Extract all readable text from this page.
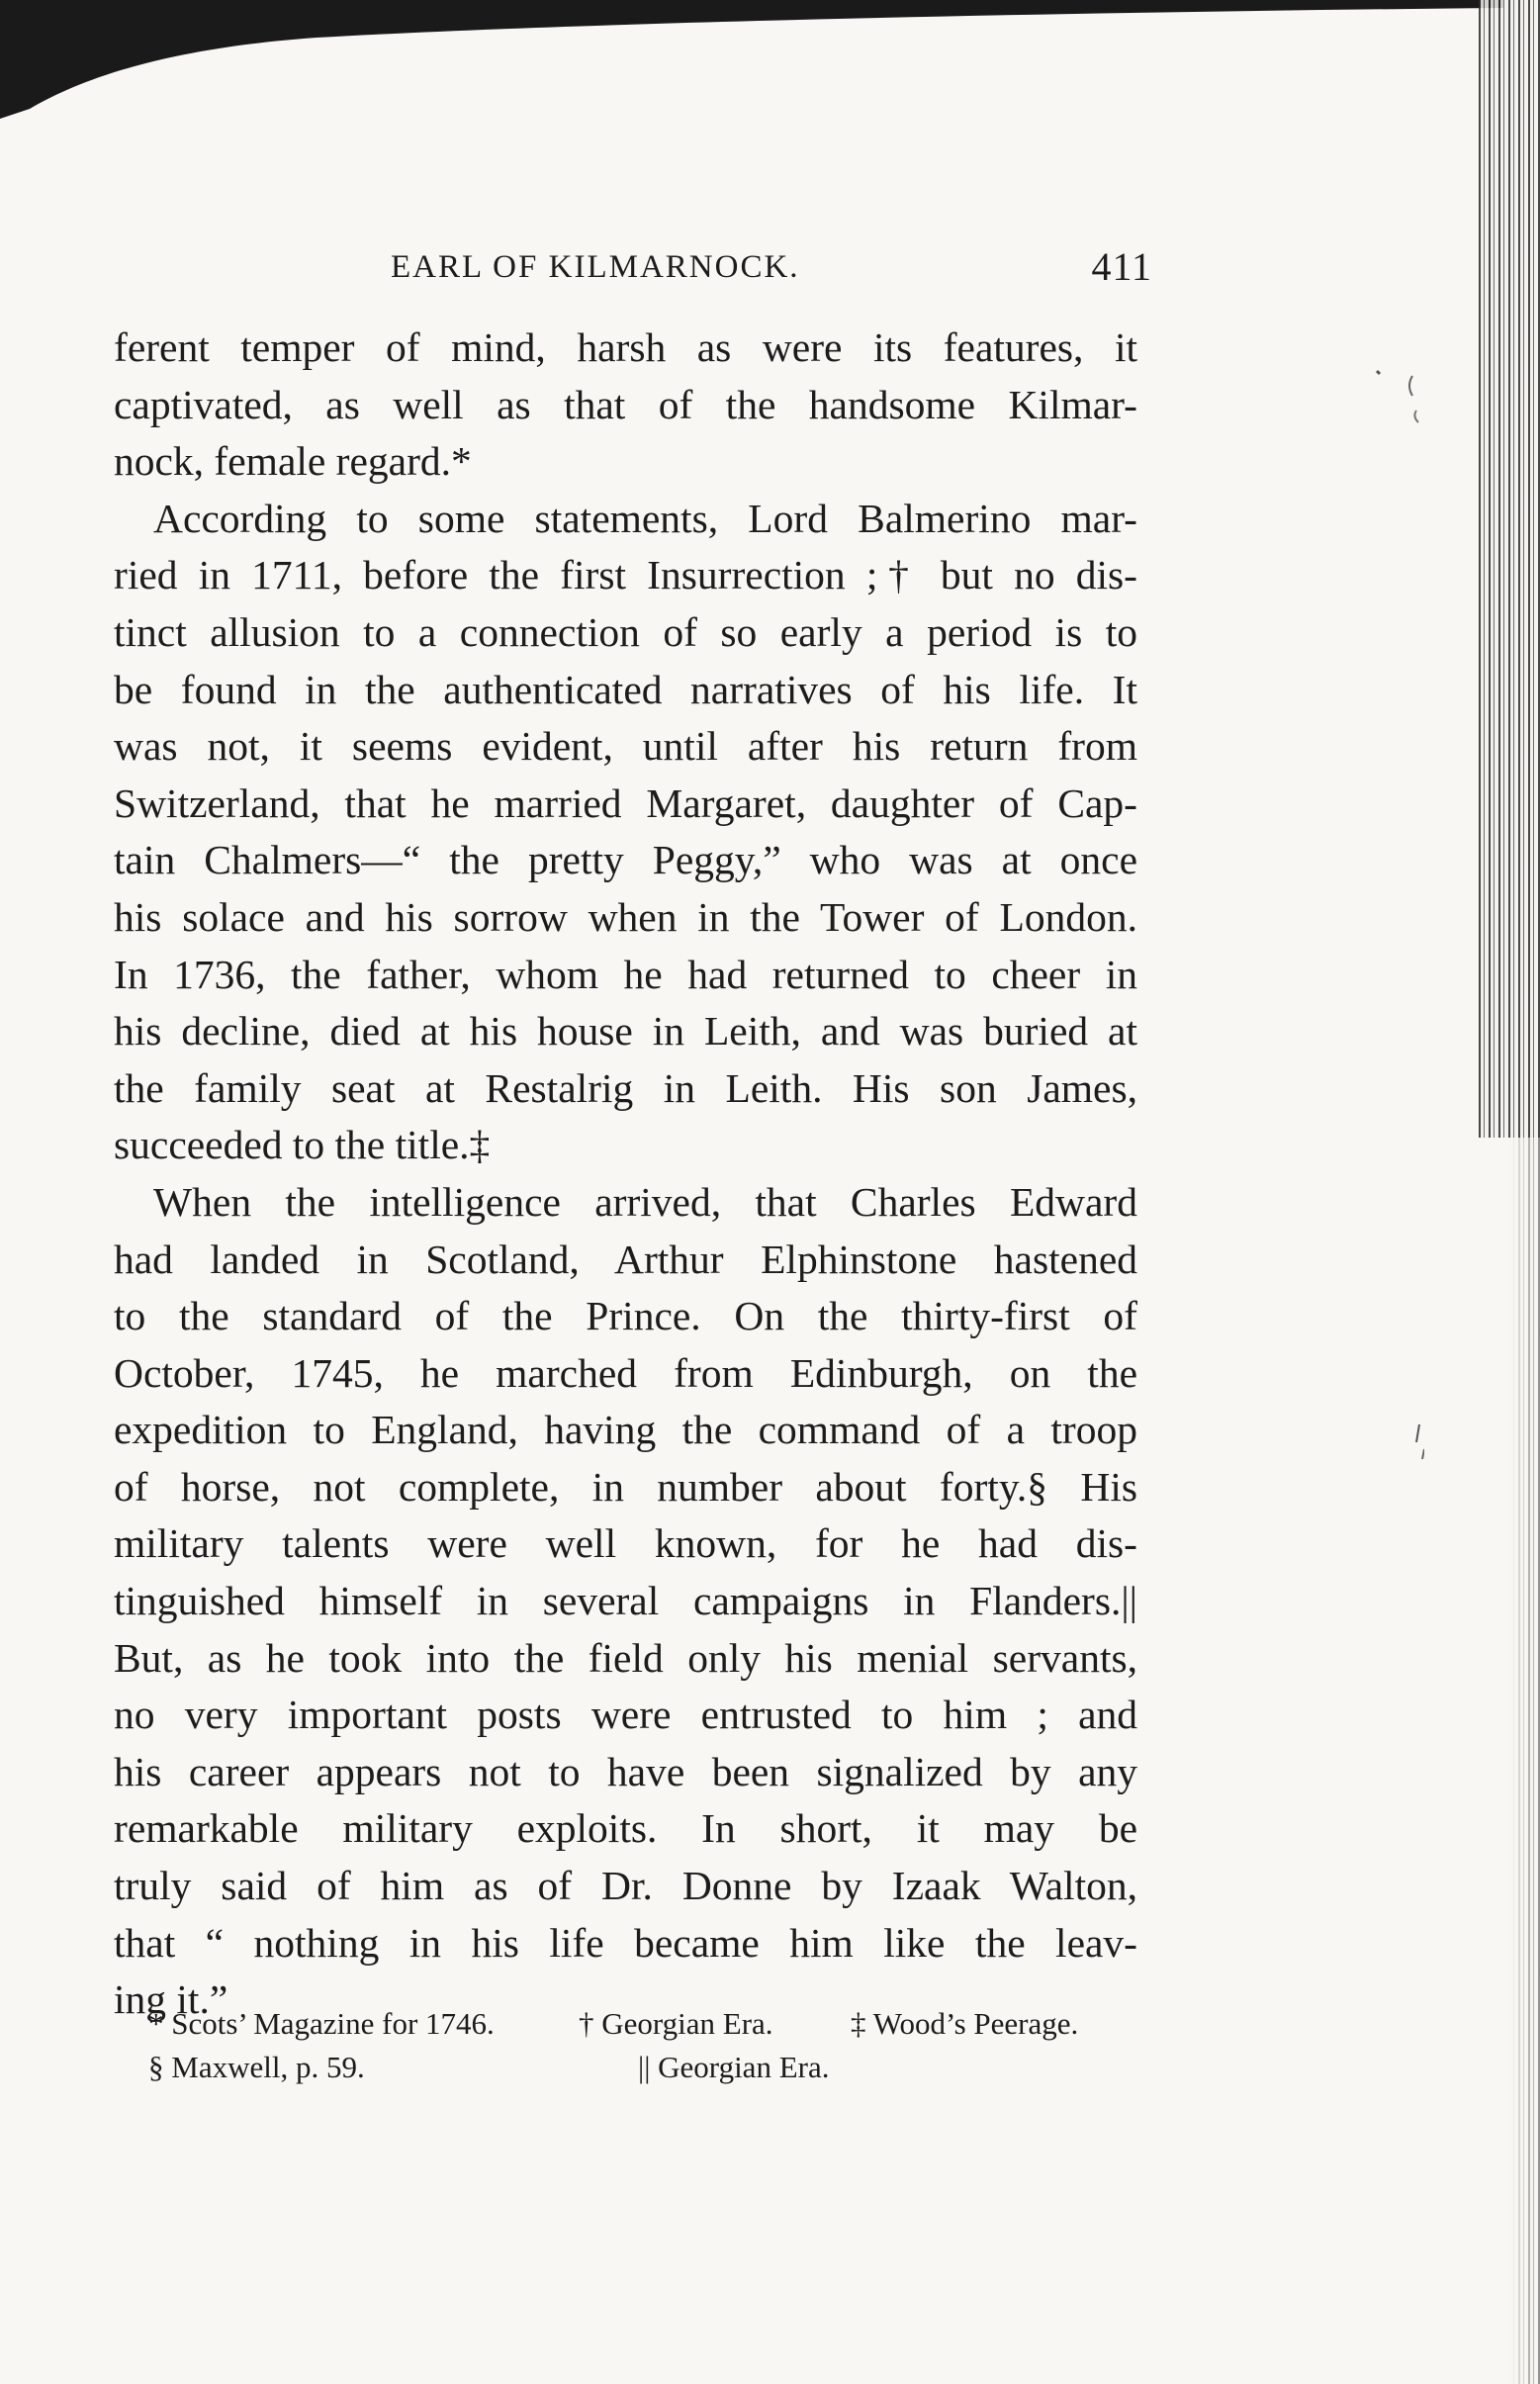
EARL OF KILMARNOCK.	411
ferent temper of mind, harsh as were its features, it
captivated, as well as that of the handsome Kilmar-
nock, female regard.*
According to some statements, Lord Balmerino mar-
ried in 1711, before the first Insurrection ;† but no dis-
tinct allusion to a connection of so early a period is to
be found in the authenticated narratives of his life. It
was not, it seems evident, until after his return from
Switzerland, that he married Margaret, daughter of Cap-
tain Chalmers—“ the pretty Peggy,” who was at once
his solace and his sorrow when in the Tower of London.
In 1736, the father, whom he had returned to cheer in
his decline, died at his house in Leith, and was buried at
the family seat at Restalrig in Leith. His son James,
succeeded to the title.‡
When the intelligence arrived, that Charles Edward
had landed in Scotland, Arthur Elphinstone hastened
to the standard of the Prince. On the thirty-first of
October, 1745, he marched from Edinburgh, on the
expedition to England, having the command of a troop
of horse, not complete, in number about forty.§ His
military talents were well known, for he had dis-
tinguished himself in several campaigns in Flanders.||
But, as he took into the field only his menial servants,
no very important posts were entrusted to him ; and
his career appears not to have been signalized by any
remarkable military exploits. In short, it may be
truly said of him as of Dr. Donne by Izaak Walton,
that “ nothing in his life became him like the leav-
ing it.”
* Scots’ Magazine for 1746.	† Georgian Era.	‡ Wood’s Peerage.
§ Maxwell, p. 59.	|| Georgian Era.
